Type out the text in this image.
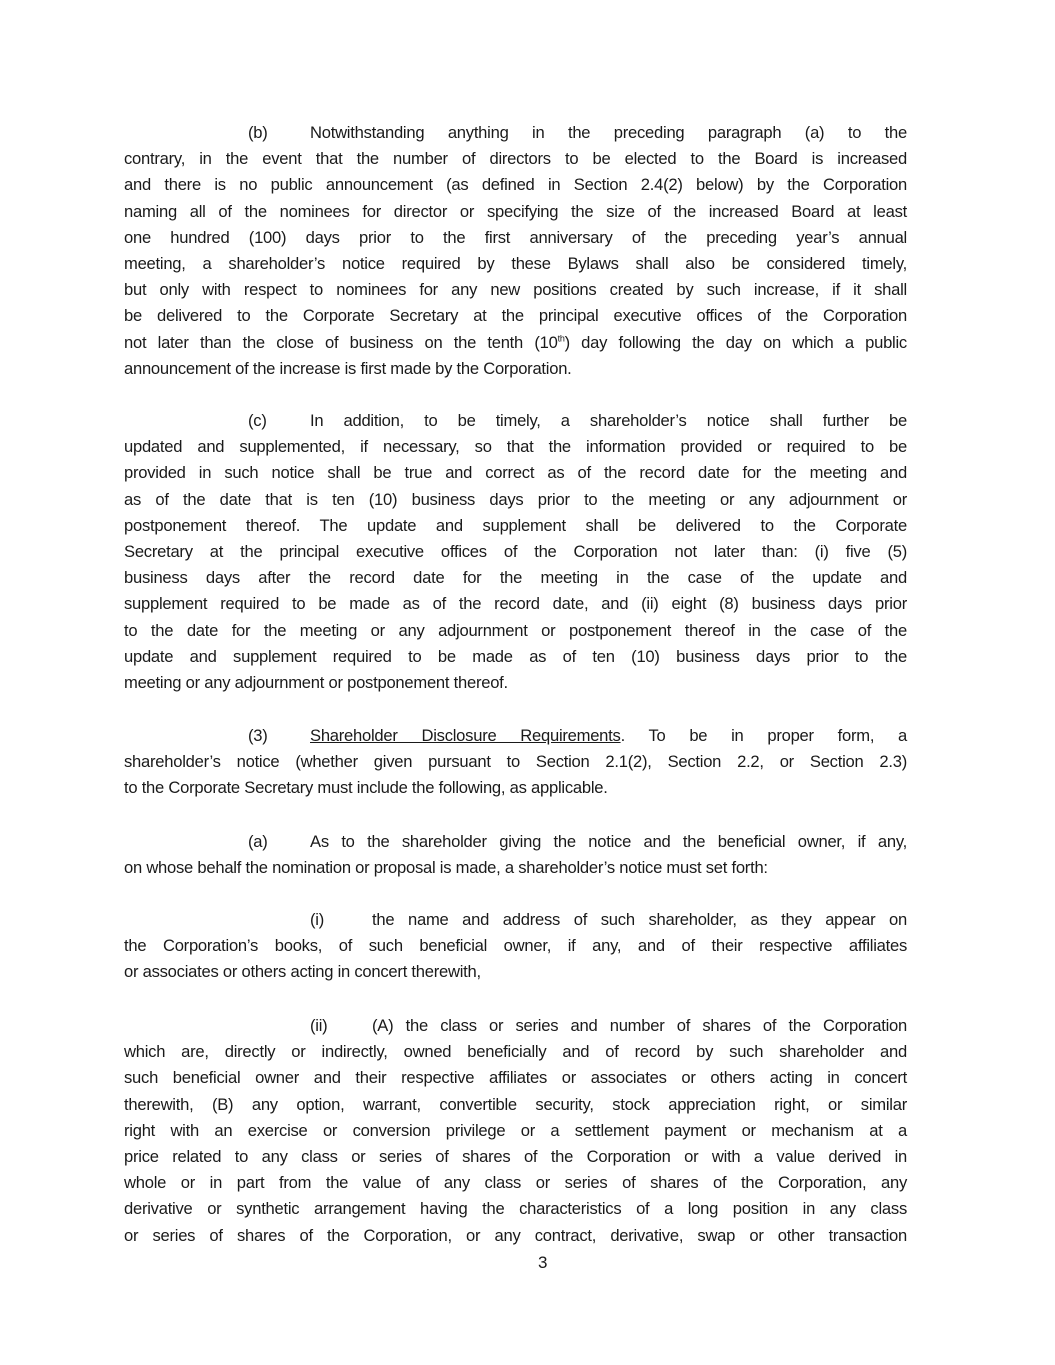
(b)	Notwithstanding anything in the preceding paragraph (a) to the
contrary, in the event that the number of directors to be elected to the Board is increased
and there is no public announcement (as defined in Section 2.4(2) below) by the Corporation
naming all of the nominees for director or specifying the size of the increased Board at least
one hundred (100) days prior to the first anniversary of the preceding year’s annual
meeting, a shareholder’s notice required by these Bylaws shall also be considered timely,
but only with respect to nominees for any new positions created by such increase, if it shall
be delivered to the Corporate Secretary at the principal executive offices of the Corporation
not later than the close of business on the tenth (10th) day following the day on which a public
announcement of the increase is first made by the Corporation.
(c)	In addition, to be timely, a shareholder’s notice shall further be
updated and supplemented, if necessary, so that the information provided or required to be
provided in such notice shall be true and correct as of the record date for the meeting and
as of the date that is ten (10) business days prior to the meeting or any adjournment or
postponement thereof. The update and supplement shall be delivered to the Corporate
Secretary at the principal executive offices of the Corporation not later than: (i) five (5)
business days after the record date for the meeting in the case of the update and
supplement required to be made as of the record date, and (ii) eight (8) business days prior
to the date for the meeting or any adjournment or postponement thereof in the case of the
update and supplement required to be made as of ten (10) business days prior to the
meeting or any adjournment or postponement thereof.
(3)	Shareholder Disclosure Requirements. To be in proper form, a
shareholder’s notice (whether given pursuant to Section 2.1(2), Section 2.2, or Section 2.3)
to the Corporate Secretary must include the following, as applicable.
(a)	As to the shareholder giving the notice and the beneficial owner, if any,
on whose behalf the nomination or proposal is made, a shareholder’s notice must set forth:
(i)	the name and address of such shareholder, as they appear on
the Corporation’s books, of such beneficial owner, if any, and of their respective affiliates
or associates or others acting in concert therewith,
(ii)	(A) the class or series and number of shares of the Corporation
which are, directly or indirectly, owned beneficially and of record by such shareholder and
such beneficial owner and their respective affiliates or associates or others acting in concert
therewith, (B) any option, warrant, convertible security, stock appreciation right, or similar
right with an exercise or conversion privilege or a settlement payment or mechanism at a
price related to any class or series of shares of the Corporation or with a value derived in
whole or in part from the value of any class or series of shares of the Corporation, any
derivative or synthetic arrangement having the characteristics of a long position in any class
or series of shares of the Corporation, or any contract, derivative, swap or other transaction
3
